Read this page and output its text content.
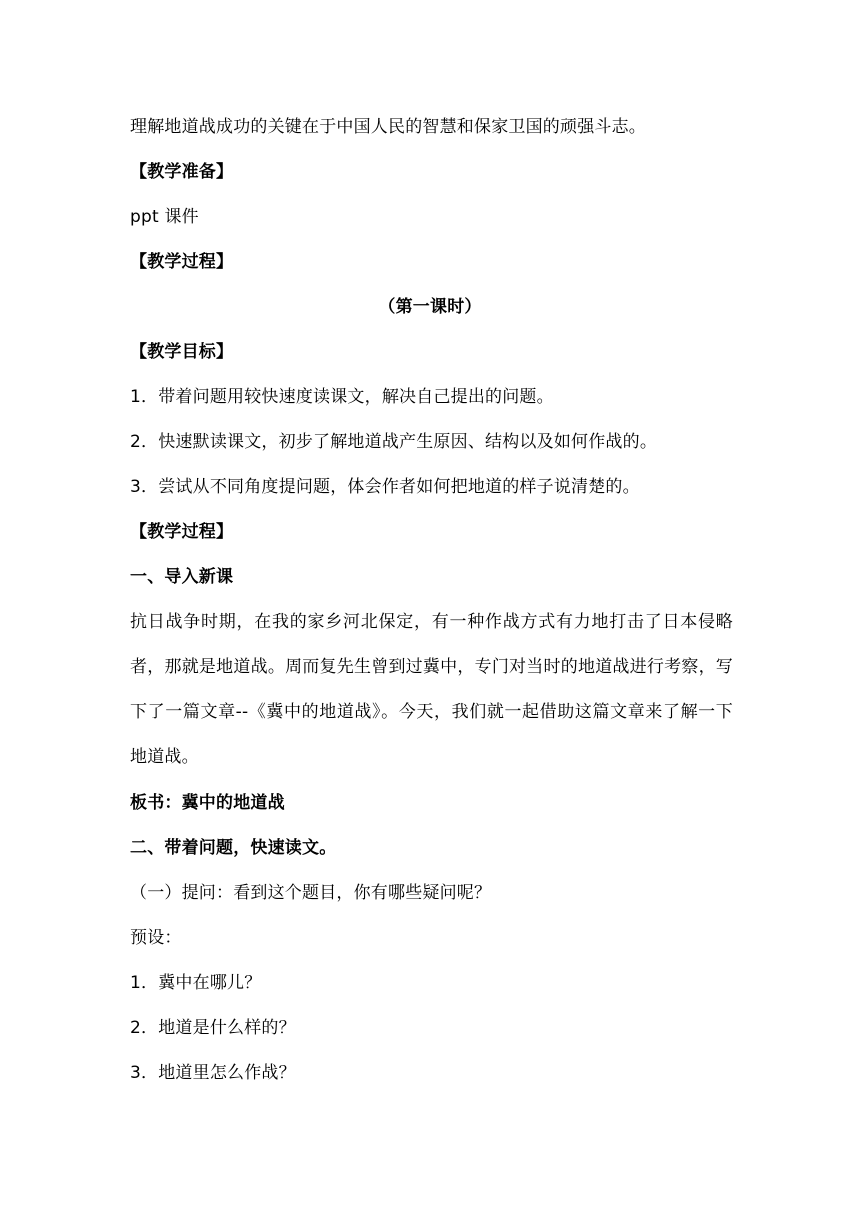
理解地道战成功的关键在于中国人民的智慧和保家卫国的顽强斗志。
【教学准备】
ppt 课件
【教学过程】
（第一课时）
【教学目标】
1．带着问题用较快速度读课文，解决自己提出的问题。
2．快速默读课文，初步了解地道战产生原因、结构以及如何作战的。
3．尝试从不同角度提问题，体会作者如何把地道的样子说清楚的。
【教学过程】
一、导入新课
抗日战争时期，在我的家乡河北保定，有一种作战方式有力地打击了日本侵略者，那就是地道战。周而复先生曾到过冀中，专门对当时的地道战进行考察，写下了一篇文章--《冀中的地道战》。今天，我们就一起借助这篇文章来了解一下地道战。
板书：冀中的地道战
二、带着问题，快速读文。
（一）提问：看到这个题目，你有哪些疑问呢？
预设：
1．冀中在哪儿？
2．地道是什么样的？
3．地道里怎么作战？
